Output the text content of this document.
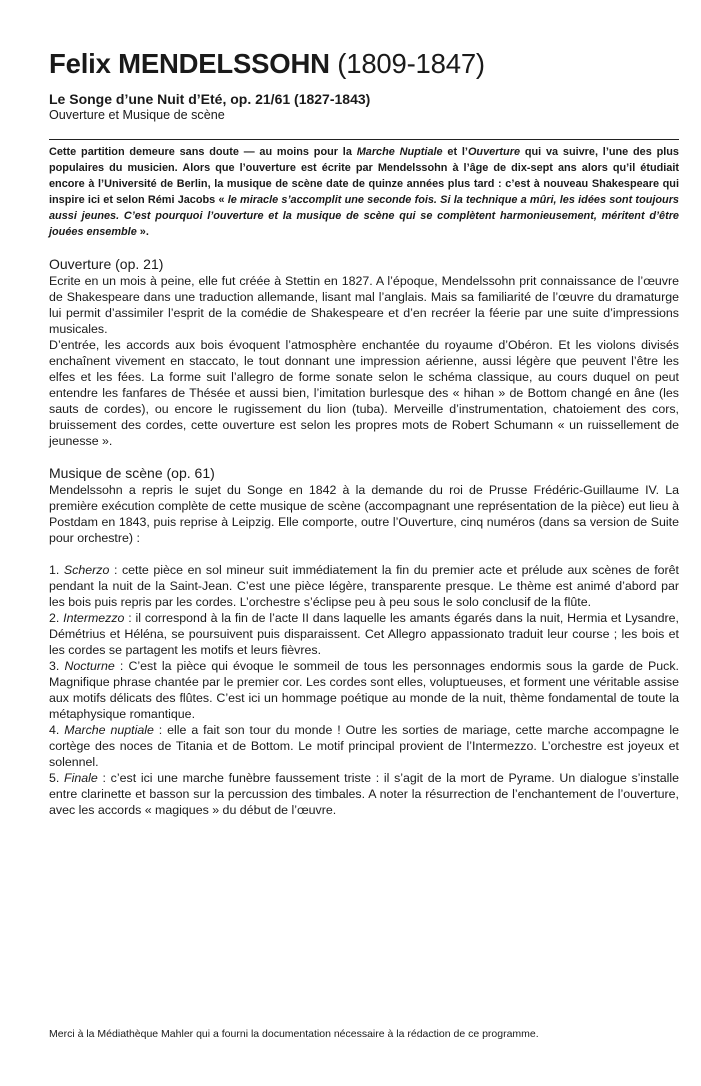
Felix MENDELSSOHN (1809-1847)
Le Songe d’une Nuit d’Eté, op. 21/61 (1827-1843)

Ouverture et Musique de scène

Cette partition demeure sans doute — au moins pour la Marche Nuptiale et l’Ouverture qui va suivre, l’une des plus populaires du musicien. Alors que l’ouverture est écrite par Mendelssohn à l’âge de dix-sept ans alors qu’il étudiait encore à l’Université de Berlin, la musique de scène date de quinze années plus tard : c’est à nouveau Shakespeare qui inspire ici et selon Rémi Jacobs « le miracle s’accomplit une seconde fois. Si la technique a mûri, les idées sont toujours aussi jeunes. C’est pourquoi l’ouverture et la musique de scène qui se complètent harmonieusement, méritent d’être jouées ensemble ».

Ouverture (op. 21)

Ecrite en un mois à peine, elle fut créée à Stettin en 1827. A l’époque, Mendelssohn prit connaissance de l’œuvre de Shakespeare dans une traduction allemande, lisant mal l’anglais. Mais sa familiarité de l’œuvre du dramaturge lui permit d’assimiler l’esprit de la comédie de Shakespeare et d’en recréer la féerie par une suite d’impressions musicales.

D’entrée, les accords aux bois évoquent l’atmosphère enchantée du royaume d’Obéron. Et les violons divisés enchaînent vivement en staccato, le tout donnant une impression aérienne, aussi légère que peuvent l’être les elfes et les fées. La forme suit l’allegro de forme sonate selon le schéma classique, au cours duquel on peut entendre les fanfares de Thésée et aussi bien, l’imitation burlesque des « hihan » de Bottom changé en âne (les sauts de cordes), ou encore le rugissement du lion (tuba). Merveille d’instrumentation, chatoiement des cors, bruissement des cordes, cette ouverture est selon les propres mots de Robert Schumann « un ruissellement de jeunesse ».

Musique de scène (op. 61)

Mendelssohn a repris le sujet du Songe en 1842 à la demande du roi de Prusse Frédéric-Guillaume IV. La première exécution complète de cette musique de scène (accompagnant une représentation de la pièce) eut lieu à Postdam en 1843, puis reprise à Leipzig. Elle comporte, outre l’Ouverture, cinq numéros (dans sa version de Suite pour orchestre) :

1. Scherzo : cette pièce en sol mineur suit immédiatement la fin du premier acte et prélude aux scènes de forêt pendant la nuit de la Saint-Jean. C’est une pièce légère, transparente presque. Le thème est animé d’abord par les bois puis repris par les cordes. L’orchestre s’éclipse peu à peu sous le solo conclusif de la flûte.

2. Intermezzo : il correspond à la fin de l’acte II dans laquelle les amants égarés dans la nuit, Hermia et Lysandre, Démétrius et Héléna, se poursuivent puis disparaissent. Cet Allegro appassionato traduit leur course ; les bois et les cordes se partagent les motifs et leurs fièvres.

3. Nocturne : C’est la pièce qui évoque le sommeil de tous les personnages endormis sous la garde de Puck. Magnifique phrase chantée par le premier cor. Les cordes sont elles, voluptueuses, et forment une véritable assise aux motifs délicats des flûtes. C’est ici un hommage poétique au monde de la nuit, thème fondamental de toute la métaphysique romantique.

4. Marche nuptiale : elle a fait son tour du monde ! Outre les sorties de mariage, cette marche accompagne le cortège des noces de Titania et de Bottom. Le motif principal provient de l’Intermezzo. L’orchestre est joyeux et solennel.

5. Finale : c’est ici une marche funèbre faussement triste : il s’agit de la mort de Pyrame. Un dialogue s’installe entre clarinette et basson sur la percussion des timbales. A noter la résurrection de l’enchantement de l’ouverture, avec les accords « magiques » du début de l’œuvre.

Merci à la Médiathèque Mahler qui a fourni la documentation nécessaire à la rédaction de ce programme.
